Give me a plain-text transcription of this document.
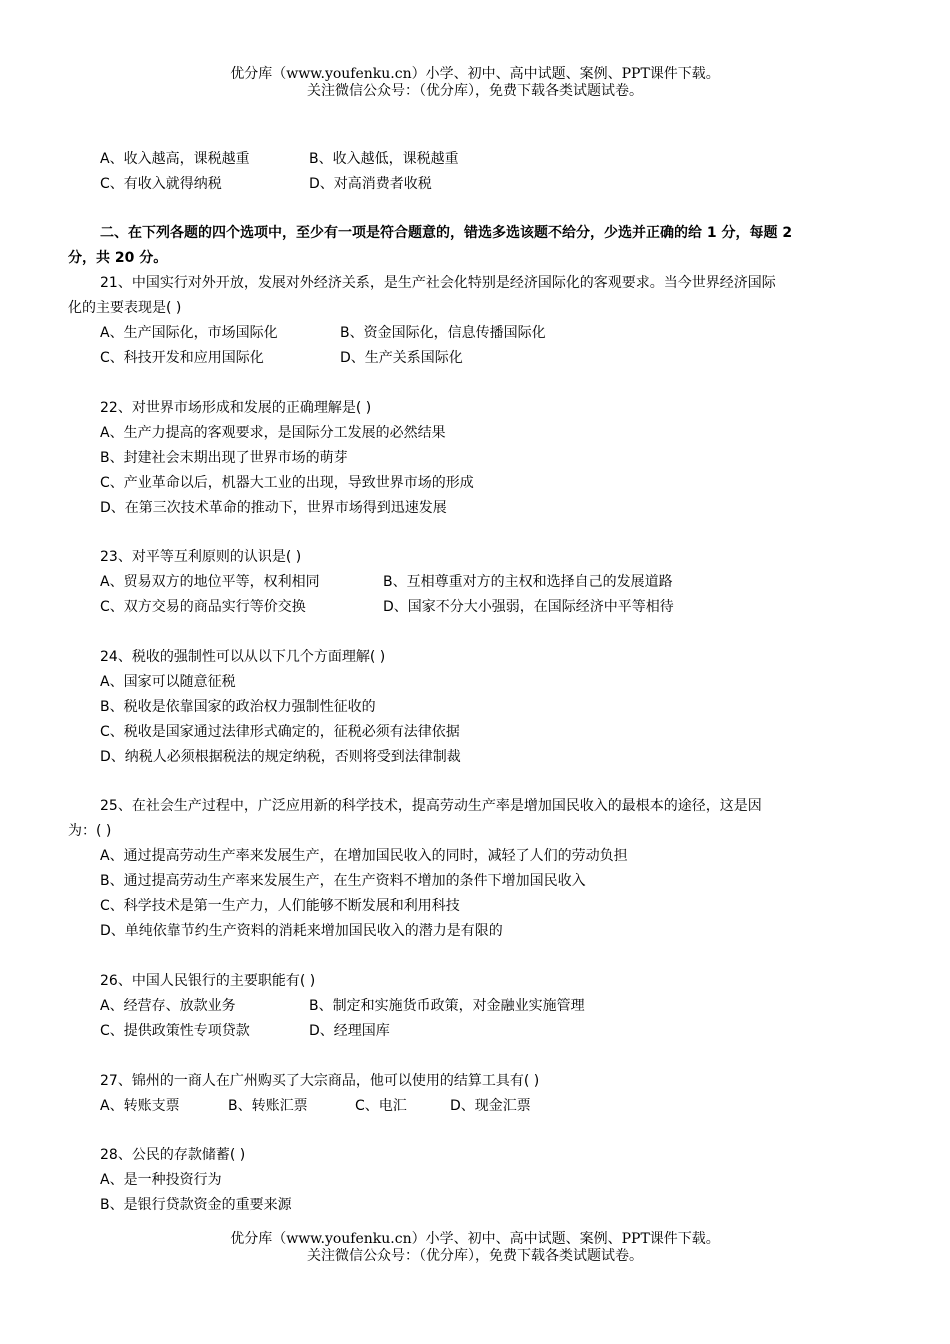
优分库（www.youfenku.cn）小学、初中、高中试题、案例、PPT课件下载。
关注微信公众号：（优分库），免费下载各类试题试卷。
A、收入越高，课税越重	B、收入越低，课税越重
C、有收入就得纳税	D、对高消费者收税
二、在下列各题的四个选项中，至少有一项是符合题意的，错选多选该题不给分，少选并正确的给 1 分，每题 2
分，共 20 分。
21、中国实行对外开放，发展对外经济关系，是生产社会化特别是经济国际化的客观要求。当今世界经济国际
化的主要表现是( )
A、生产国际化，市场国际化	B、资金国际化，信息传播国际化
C、科技开发和应用国际化	D、生产关系国际化
22、对世界市场形成和发展的正确理解是( )
A、生产力提高的客观要求，是国际分工发展的必然结果
B、封建社会末期出现了世界市场的萌芽
C、产业革命以后，机器大工业的出现，导致世界市场的形成
D、在第三次技术革命的推动下，世界市场得到迅速发展
23、对平等互利原则的认识是( )
A、贸易双方的地位平等，权利相同	B、互相尊重对方的主权和选择自己的发展道路
C、双方交易的商品实行等价交换	D、国家不分大小强弱，在国际经济中平等相待
24、税收的强制性可以从以下几个方面理解( )
A、国家可以随意征税
B、税收是依靠国家的政治权力强制性征收的
C、税收是国家通过法律形式确定的，征税必须有法律依据
D、纳税人必须根据税法的规定纳税，否则将受到法律制裁
25、在社会生产过程中，广泛应用新的科学技术，提高劳动生产率是增加国民收入的最根本的途径，这是因
为：( )
A、通过提高劳动生产率来发展生产，在增加国民收入的同时，减轻了人们的劳动负担
B、通过提高劳动生产率来发展生产，在生产资料不增加的条件下增加国民收入
C、科学技术是第一生产力，人们能够不断发展和利用科技
D、单纯依靠节约生产资料的消耗来增加国民收入的潜力是有限的
26、中国人民银行的主要职能有( )
A、经营存、放款业务	B、制定和实施货币政策，对金融业实施管理
C、提供政策性专项贷款	D、经理国库
27、锦州的一商人在广州购买了大宗商品，他可以使用的结算工具有( )
A、转账支票	B、转账汇票	C、电汇	D、现金汇票
28、公民的存款储蓄( )
A、是一种投资行为
B、是银行贷款资金的重要来源
优分库（www.youfenku.cn）小学、初中、高中试题、案例、PPT课件下载。
关注微信公众号：（优分库），免费下载各类试题试卷。
